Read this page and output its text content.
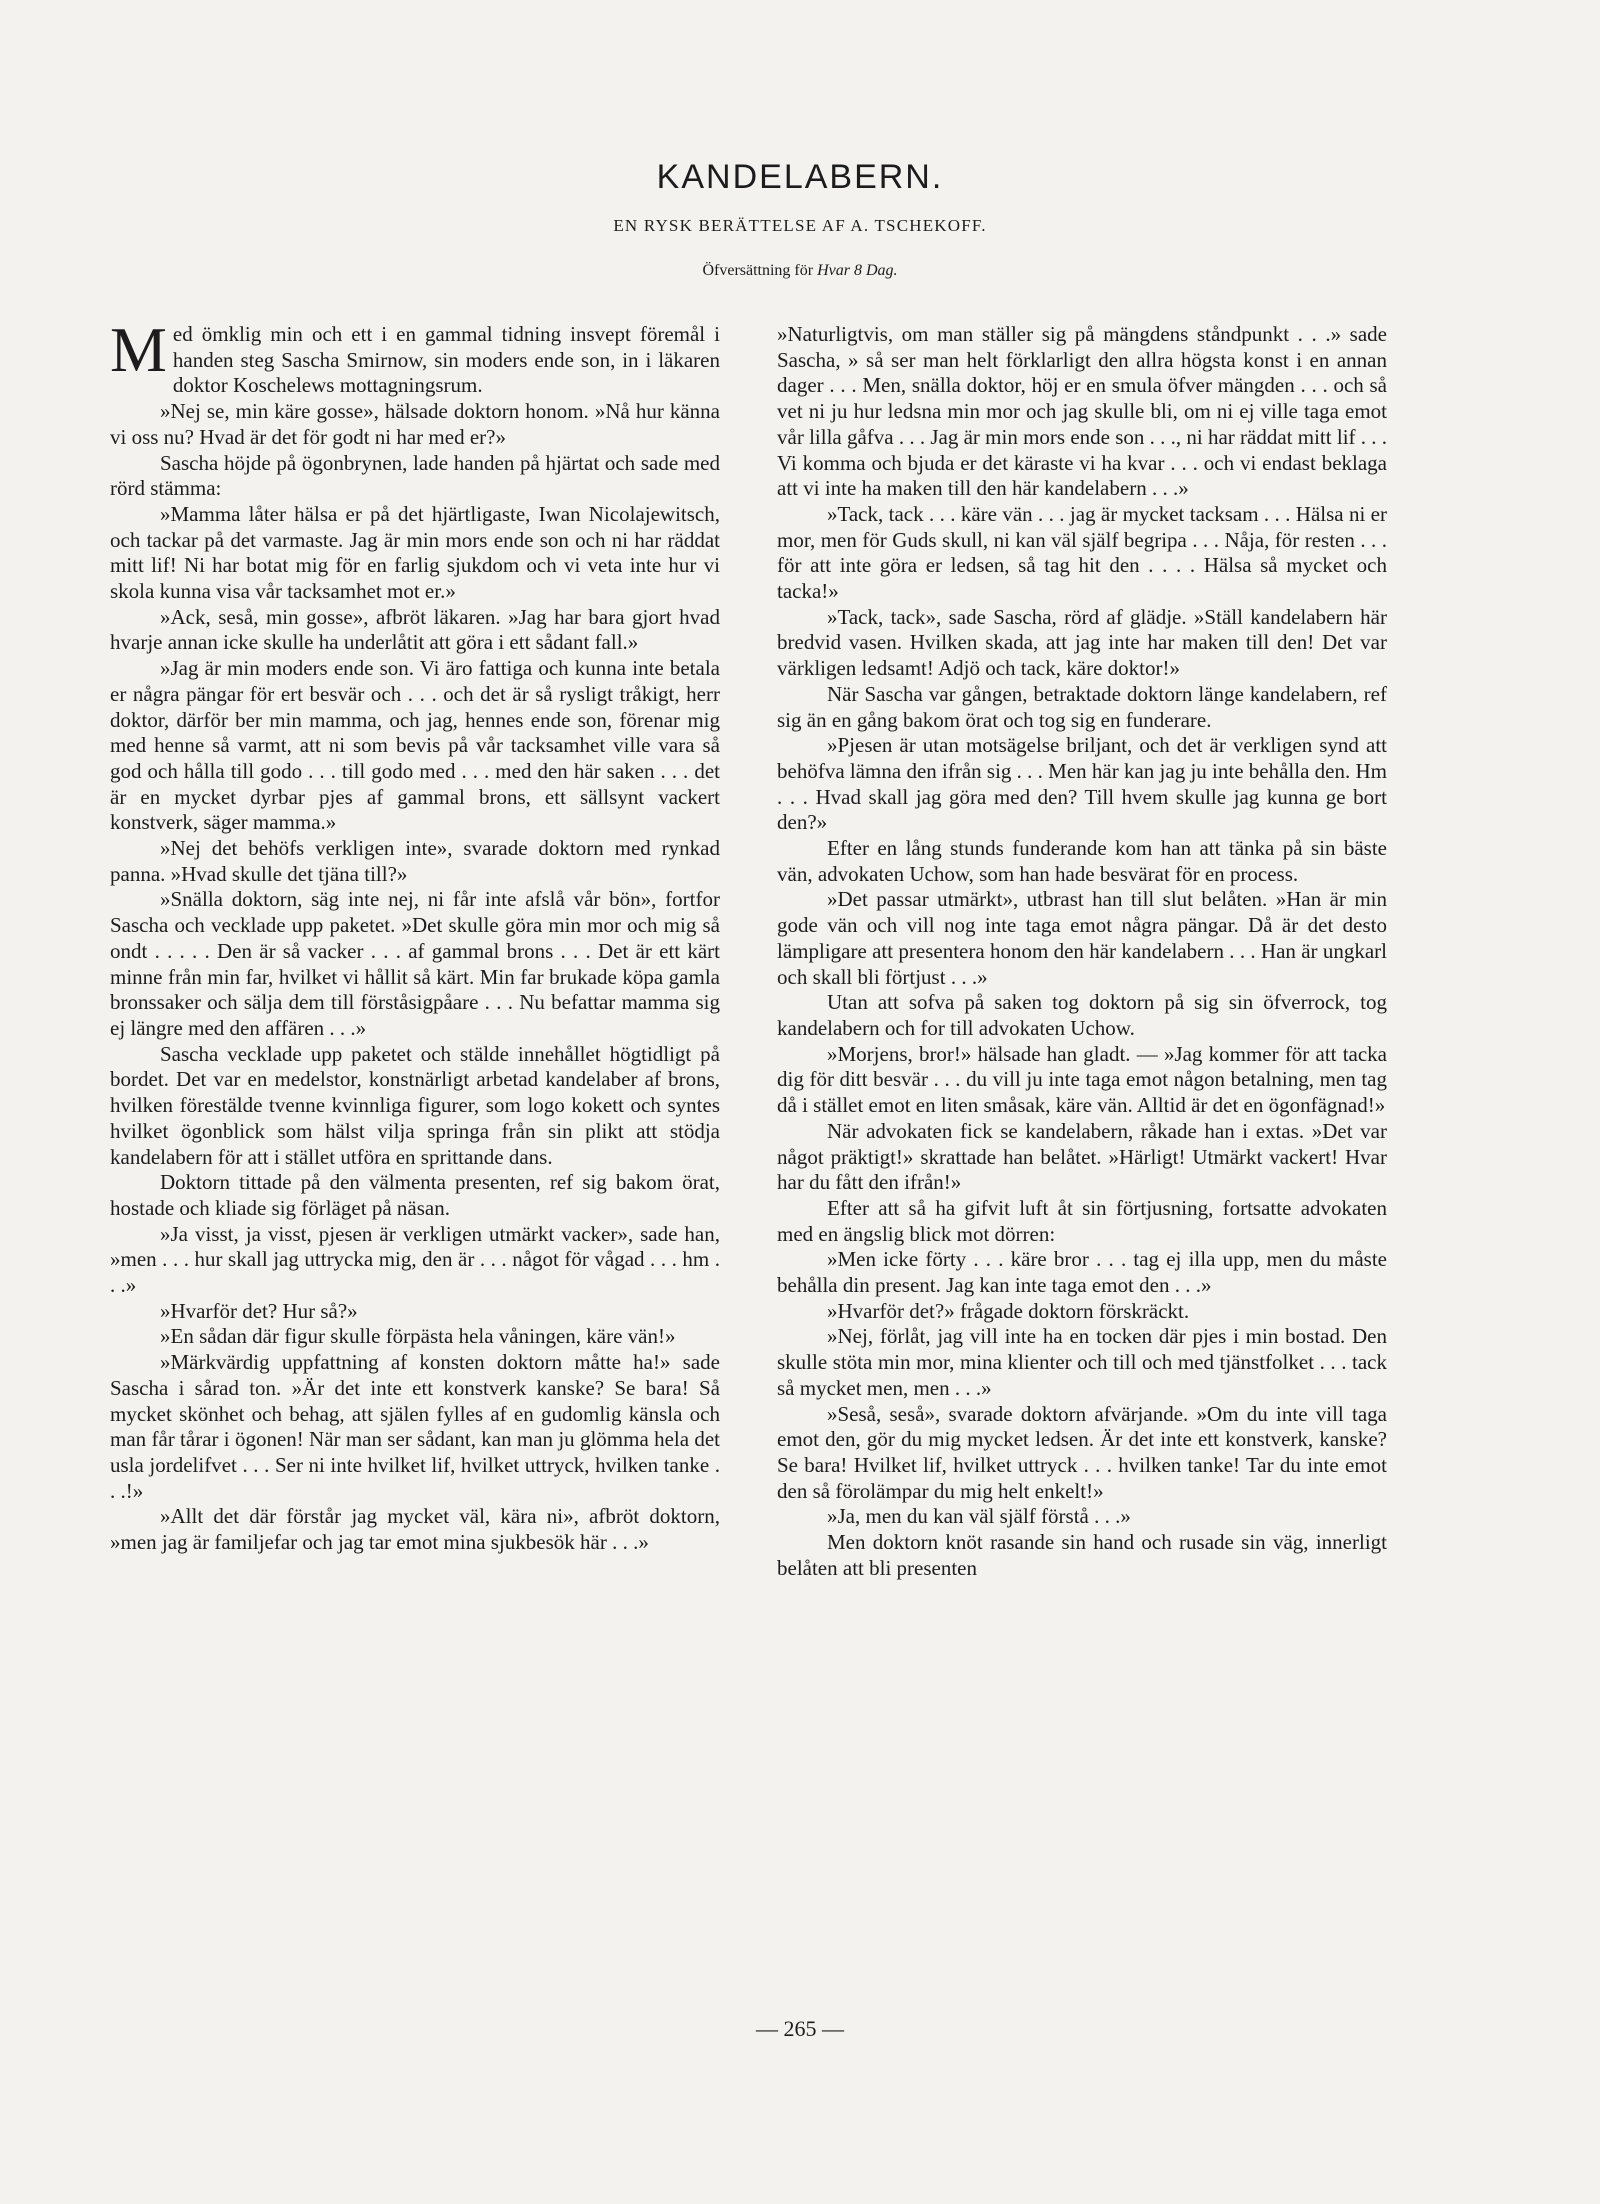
KANDELABERN.
EN RYSK BERÄTTELSE AF A. TSCHEKOFF.
Öfversättning för Hvar 8 Dag.

Med ömklig min och ett i en gammal tidning insvept föremål i handen steg Sascha Smirnow, sin moders ende son, in i läkaren doktor Koschelews mottagningsrum.

»Nej se, min käre gosse», hälsade doktorn honom. »Nå hur känna vi oss nu? Hvad är det för godt ni har med er?»

Sascha höjde på ögonbrynen, lade handen på hjärtat och sade med rörd stämma:

»Mamma låter hälsa er på det hjärtligaste, Iwan Nicolajewitsch, och tackar på det varmaste. Jag är min mors ende son och ni har räddat mitt lif! Ni har botat mig för en farlig sjukdom och vi veta inte hur vi skola kunna visa vår tacksamhet mot er.»

»Ack, seså, min gosse», afbröt läkaren. »Jag har bara gjort hvad hvarje annan icke skulle ha underlåtit att göra i ett sådant fall.»

»Jag är min moders ende son. Vi äro fattiga och kunna inte betala er några pängar för ert besvär och . . . och det är så rysligt tråkigt, herr doktor, därför ber min mamma, och jag, hennes ende son, förenar mig med henne så varmt, att ni som bevis på vår tacksamhet ville vara så god och hålla till godo . . . till godo med . . . med den här saken . . . det är en mycket dyrbar pjes af gammal brons, ett sällsynt vackert konstverk, säger mamma.»

»Nej det behöfs verkligen inte», svarade doktorn med rynkad panna. »Hvad skulle det tjäna till?»

»Snälla doktorn, säg inte nej, ni får inte afslå vår bön», fortfor Sascha och vecklade upp paketet. »Det skulle göra min mor och mig så ondt . . . . . Den är så vacker . . . af gammal brons . . . Det är ett kärt minne från min far, hvilket vi hållit så kärt. Min far brukade köpa gamla bronssaker och sälja dem till förståsigpåare . . . Nu befattar mamma sig ej längre med den affären . . .»

Sascha vecklade upp paketet och stälde innehållet högtidligt på bordet. Det var en medelstor, konstnärligt arbetad kandelaber af brons, hvilken förestälde tvenne kvinnliga figurer, som logo kokett och syntes hvilket ögonblick som hälst vilja springa från sin plikt att stödja kandelabern för att i stället utföra en sprittande dans.

Doktorn tittade på den välmenta presenten, ref sig bakom örat, hostade och kliade sig förläget på näsan.

»Ja visst, ja visst, pjesen är verkligen utmärkt vacker», sade han, »men . . . hur skall jag uttrycka mig, den är . . . något för vågad . . . hm . . .»

»Hvarför det? Hur så?»

»En sådan där figur skulle förpästa hela våningen, käre vän!»

»Märkvärdig uppfattning af konsten doktorn måtte ha!» sade Sascha i sårad ton. »Är det inte ett konstverk kanske? Se bara! Så mycket skönhet och behag, att själen fylles af en gudomlig känsla och man får tårar i ögonen! När man ser sådant, kan man ju glömma hela det usla jordelifvet . . . Ser ni inte hvilket lif, hvilket uttryck, hvilken tanke . . .!»

»Allt det där förstår jag mycket väl, kära ni», afbröt doktorn, »men jag är familjefar och jag tar emot mina sjukbesök här . . .»

»Naturligtvis, om man ställer sig på mängdens ståndpunkt . . .» sade Sascha, » så ser man helt förklarligt den allra högsta konst i en annan dager . . . Men, snälla doktor, höj er en smula öfver mängden . . . och så vet ni ju hur ledsna min mor och jag skulle bli, om ni ej ville taga emot vår lilla gåfva . . . Jag är min mors ende son . . ., ni har räddat mitt lif . . . Vi komma och bjuda er det käraste vi ha kvar . . . och vi endast beklaga att vi inte ha maken till den här kandelabern . . .»

»Tack, tack . . . käre vän . . . jag är mycket tacksam . . . Hälsa ni er mor, men för Guds skull, ni kan väl själf begripa . . . Nåja, för resten . . . för att inte göra er ledsen, så tag hit den . . . . Hälsa så mycket och tacka!»

»Tack, tack», sade Sascha, rörd af glädje. »Ställ kandelabern här bredvid vasen. Hvilken skada, att jag inte har maken till den! Det var värkligen ledsamt! Adjö och tack, käre doktor!»

När Sascha var gången, betraktade doktorn länge kandelabern, ref sig än en gång bakom örat och tog sig en funderare.

»Pjesen är utan motsägelse briljant, och det är verkligen synd att behöfva lämna den ifrån sig . . . Men här kan jag ju inte behålla den. Hm . . . Hvad skall jag göra med den? Till hvem skulle jag kunna ge bort den?»

Efter en lång stunds funderande kom han att tänka på sin bäste vän, advokaten Uchow, som han hade besvärat för en process.

»Det passar utmärkt», utbrast han till slut belåten. »Han är min gode vän och vill nog inte taga emot några pängar. Då är det desto lämpligare att presentera honom den här kandelabern . . . Han är ungkarl och skall bli förtjust . . .»

Utan att sofva på saken tog doktorn på sig sin öfverrock, tog kandelabern och for till advokaten Uchow.

»Morjens, bror!» hälsade han gladt. — »Jag kommer för att tacka dig för ditt besvär . . . du vill ju inte taga emot någon betalning, men tag då i stället emot en liten småsak, käre vän. Alltid är det en ögonfägnad!»

När advokaten fick se kandelabern, råkade han i extas. »Det var något präktigt!» skrattade han belåtet. »Härligt! Utmärkt vackert! Hvar har du fått den ifrån!»

Efter att så ha gifvit luft åt sin förtjusning, fortsatte advokaten med en ängslig blick mot dörren:

»Men icke förty . . . käre bror . . . tag ej illa upp, men du måste behålla din present. Jag kan inte taga emot den . . .»

»Hvarför det?» frågade doktorn förskräckt.

»Nej, förlåt, jag vill inte ha en tocken där pjes i min bostad. Den skulle stöta min mor, mina klienter och till och med tjänstfolket . . . tack så mycket men, men . . .»

»Seså, seså», svarade doktorn afvärjande. »Om du inte vill taga emot den, gör du mig mycket ledsen. Är det inte ett konstverk, kanske? Se bara! Hvilket lif, hvilket uttryck . . . hvilken tanke! Tar du inte emot den så förolämpar du mig helt enkelt!»

»Ja, men du kan väl själf förstå . . .»

Men doktorn knöt rasande sin hand och rusade sin väg, innerligt belåten att bli presenten

— 265 —
